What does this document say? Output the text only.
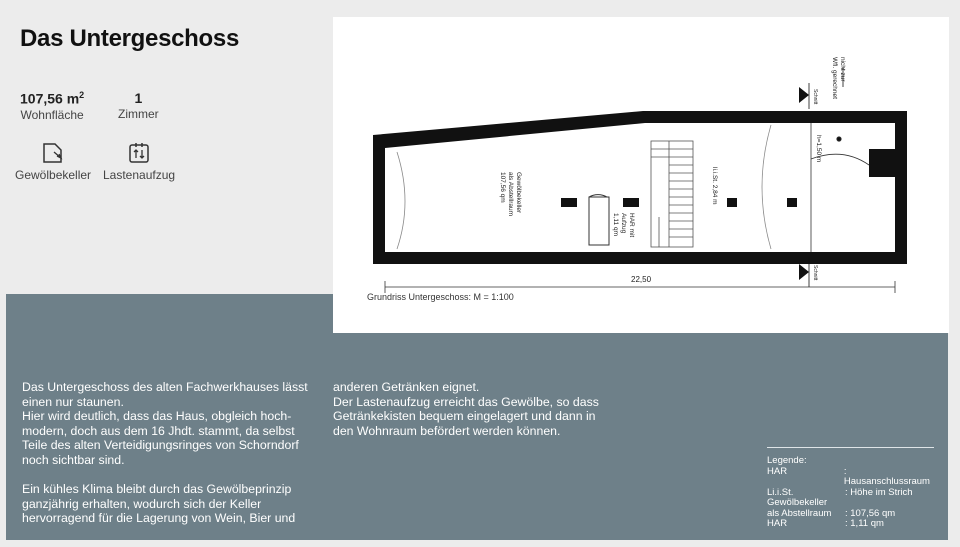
Das Untergeschoss
107,56 $m^2$
Wohnfläche
1
Zimmer
Gewölbekeller Lastenaufzug	Gewölbekeller
als Abstellraum
107,56 qm
HAR mit
Aufzug
1,11 qm
li.i.St. 2,84 m
h=1,50 m
nicht zur
Wfl. gerechnet
Schnitt
Schnitt
22,50
Grundriss Untergeschoss: M = 1:100

Das Untergeschoss des alten Fachwerkhauses lässt einen nur staunen.
Hier wird deutlich, dass das Haus, obgleich hoch-modern, doch aus dem 16 Jhdt. stammt, da selbst Teile des alten Verteidigungsringes von Schorndorf noch sichtbar sind.

Ein kühles Klima bleibt durch das Gewölbeprinzip ganzjährig erhalten, wodurch sich der Keller hervorragend für die Lagerung von Wein, Bier und

anderen Getränken eignet.
Der Lastenaufzug erreicht das Gewölbe, so dass Getränkekisten bequem eingelagert und dann in den Wohnraum befördert werden können.

Legende:
HAR	: Hausanschlussraum
Li.i.St.	: Höhe im Strich
Gewölbekeller
als Abstellraum	: 107,56 qm
HAR	: 1,11 qm
